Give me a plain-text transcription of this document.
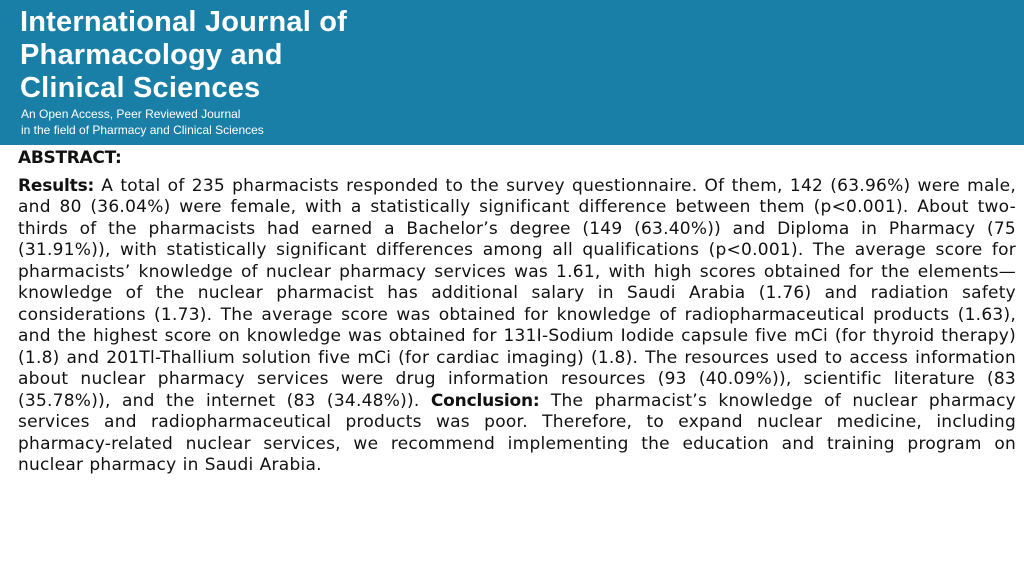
International Journal of
Pharmacology and
Clinical Sciences
An Open Access, Peer Reviewed Journal
in the field of Pharmacy and Clinical Sciences
ABSTRACT:

Results: A total of 235 pharmacists responded to the survey questionnaire. Of them, 142 (63.96%) were male, and 80 (36.04%) were female, with a statistically significant difference between them (p<0.001). About two-thirds of the pharmacists had earned a Bachelor’s degree (149 (63.40%)) and Diploma in Pharmacy (75 (31.91%)), with statistically significant differences among all qualifications (p<0.001). The average score for pharmacists’ knowledge of nuclear pharmacy services was 1.61, with high scores obtained for the elements—knowledge of the nuclear pharmacist has additional salary in Saudi Arabia (1.76) and radiation safety considerations (1.73). The average score was obtained for knowledge of radiopharmaceutical products (1.63), and the highest score on knowledge was obtained for 131I-Sodium Iodide capsule five mCi (for thyroid therapy) (1.8) and 201Tl-Thallium solution five mCi (for cardiac imaging) (1.8). The resources used to access information about nuclear pharmacy services were drug information resources (93 (40.09%)), scientific literature (83 (35.78%)), and the internet (83 (34.48%)). Conclusion: The pharmacist’s knowledge of nuclear pharmacy services and radiopharmaceutical products was poor. Therefore, to expand nuclear medicine, including pharmacy-related nuclear services, we recommend implementing the education and training program on nuclear pharmacy in Saudi Arabia.
